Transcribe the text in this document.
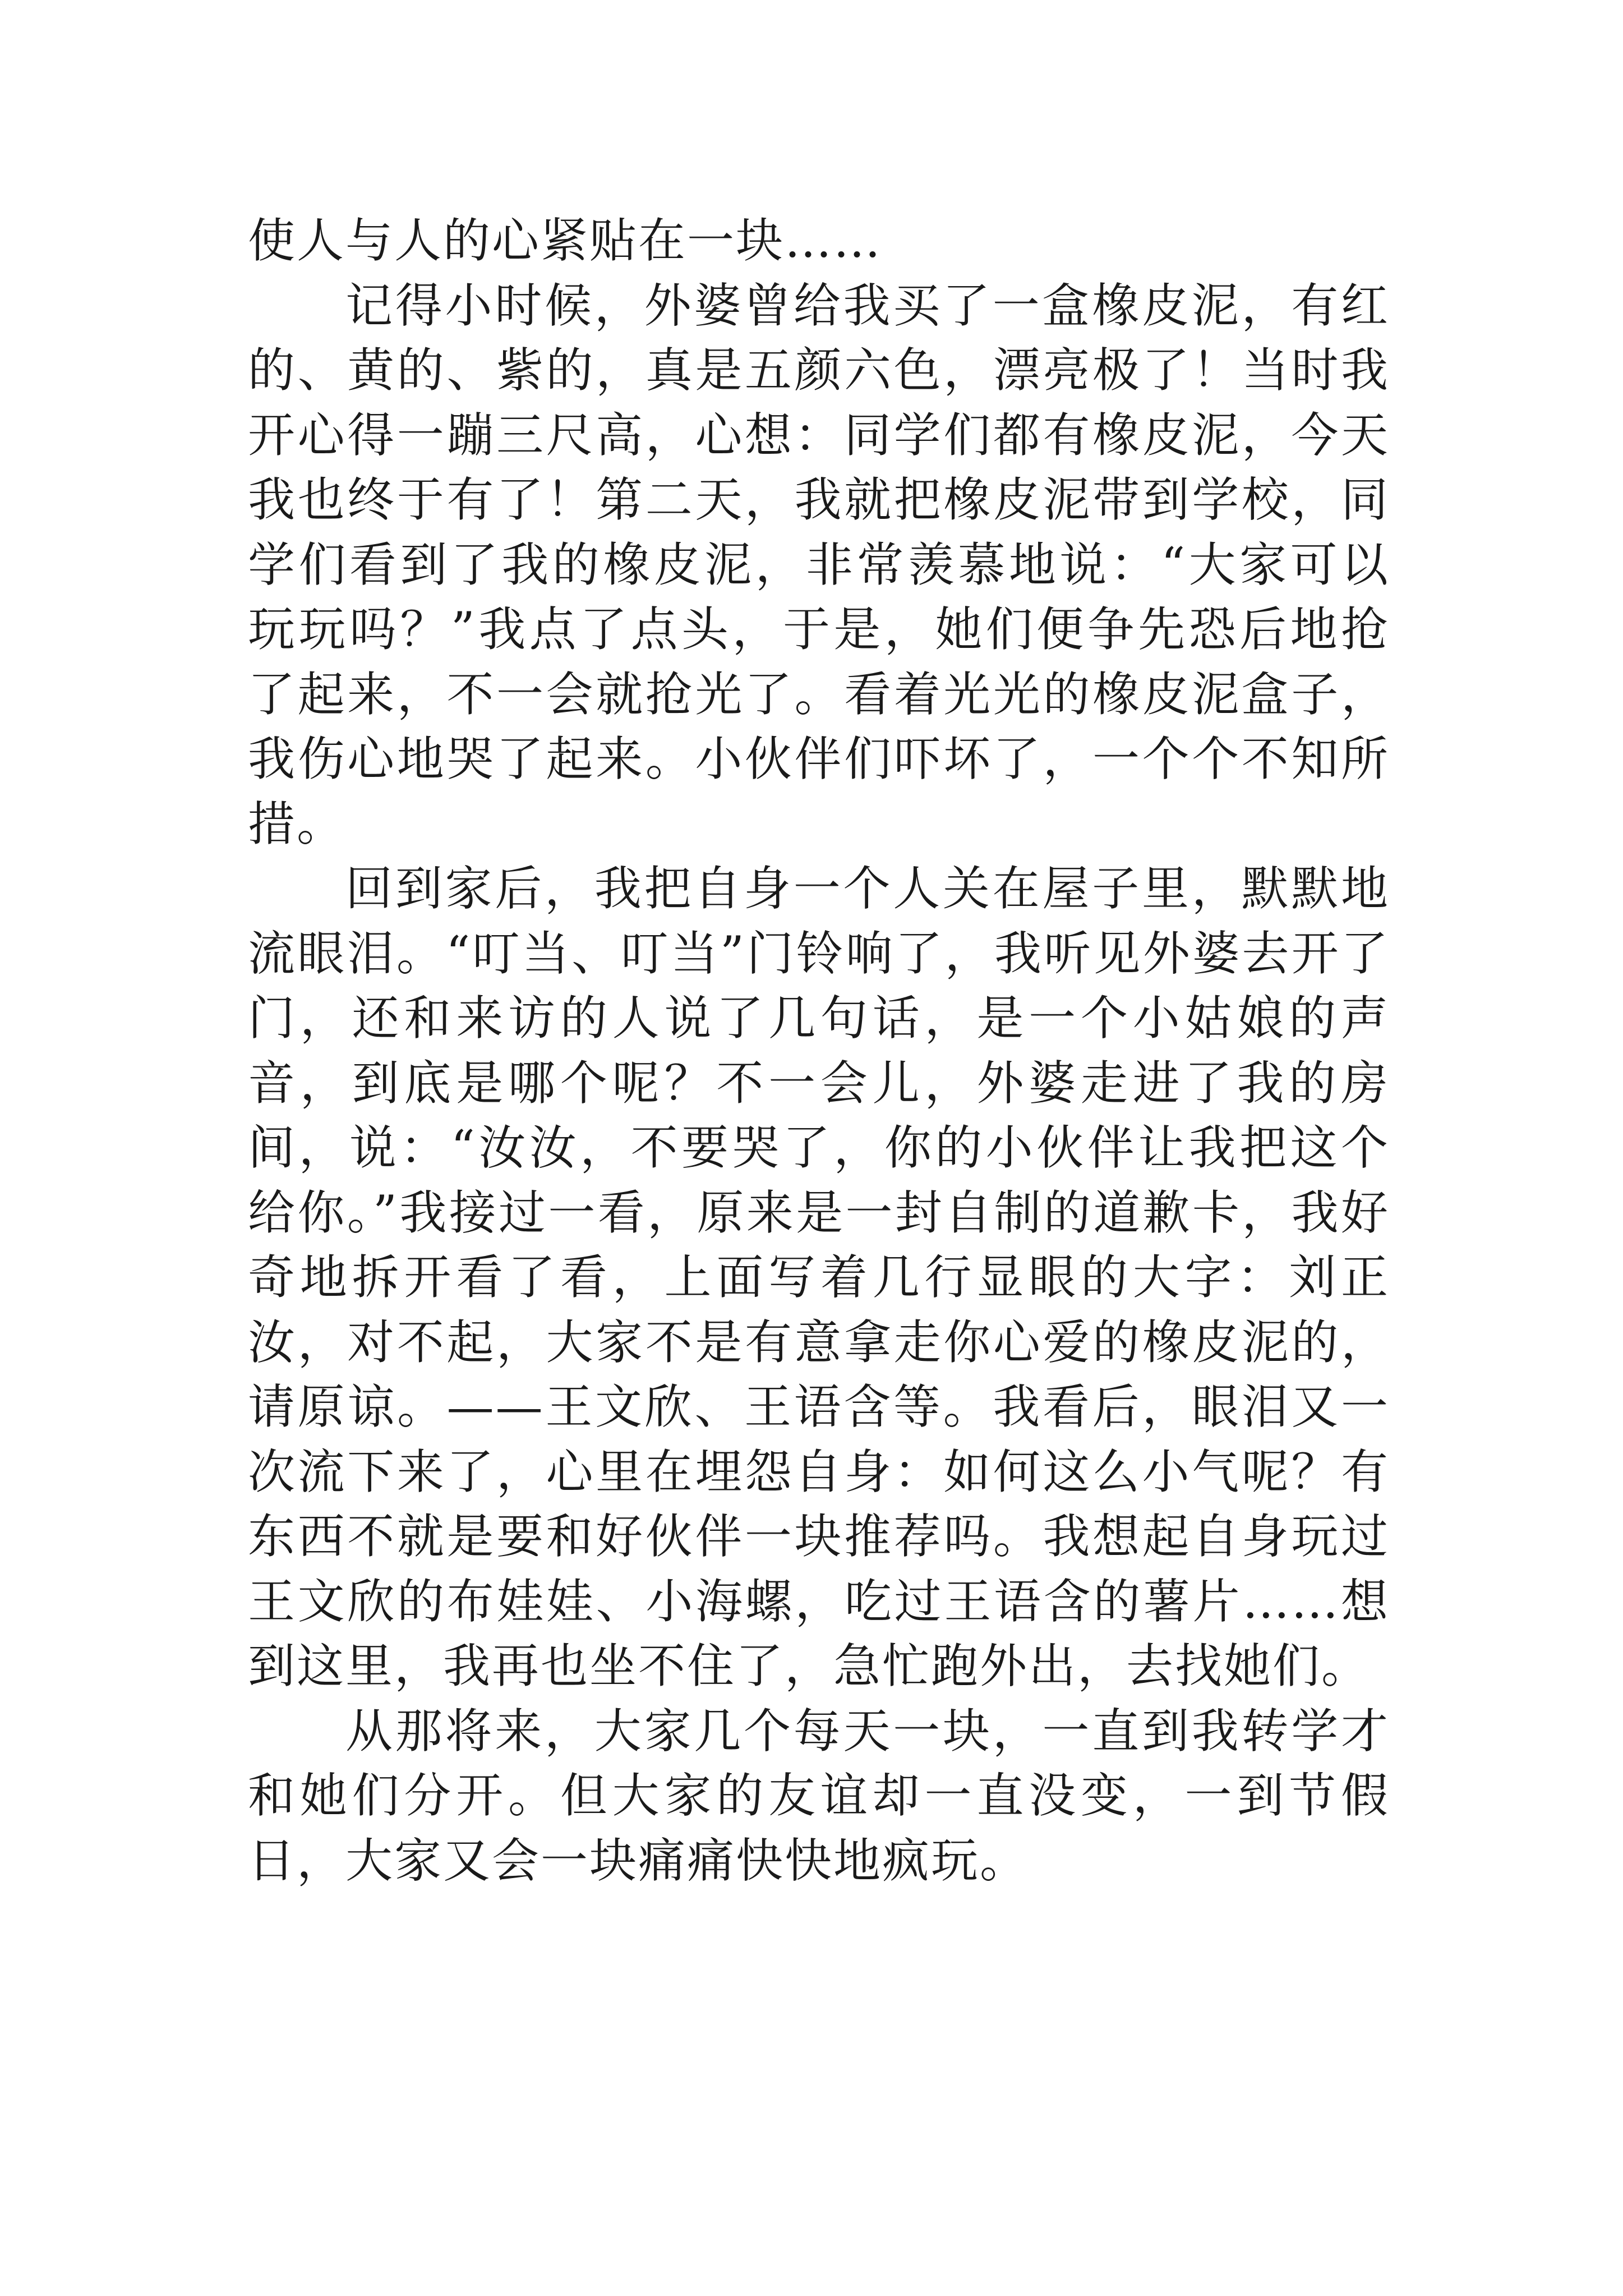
使人与人的心紧贴在一块……

记得小时候，外婆曾给我买了一盒橡皮泥，有红的、黄的、紫的，真是五颜六色，漂亮极了！当时我开心得一蹦三尺高，心想：同学们都有橡皮泥，今天我也终于有了！第二天，我就把橡皮泥带到学校，同学们看到了我的橡皮泥，非常羡慕地说：“大家可以玩玩吗？”我点了点头，于是，她们便争先恐后地抢了起来，不一会就抢光了。看着光光的橡皮泥盒子，我伤心地哭了起来。小伙伴们吓坏了，一个个不知所措。

回到家后，我把自身一个人关在屋子里，默默地流眼泪。“叮当、叮当”门铃响了，我听见外婆去开了门，还和来访的人说了几句话，是一个小姑娘的声音，到底是哪个呢？不一会儿，外婆走进了我的房间，说：“汝汝，不要哭了，你的小伙伴让我把这个给你。”我接过一看，原来是一封自制的道歉卡，我好奇地拆开看了看，上面写着几行显眼的大字：刘正汝，对不起，大家不是有意拿走你心爱的橡皮泥的，请原谅。——王文欣、王语含等。我看后，眼泪又一次流下来了，心里在埋怨自身：如何这么小气呢？有东西不就是要和好伙伴一块推荐吗。我想起自身玩过王文欣的布娃娃、小海螺，吃过王语含的薯片……想到这里，我再也坐不住了，急忙跑外出，去找她们。

从那将来，大家几个每天一块，一直到我转学才和她们分开。但大家的友谊却一直没变，一到节假日，大家又会一块痛痛快快地疯玩。
